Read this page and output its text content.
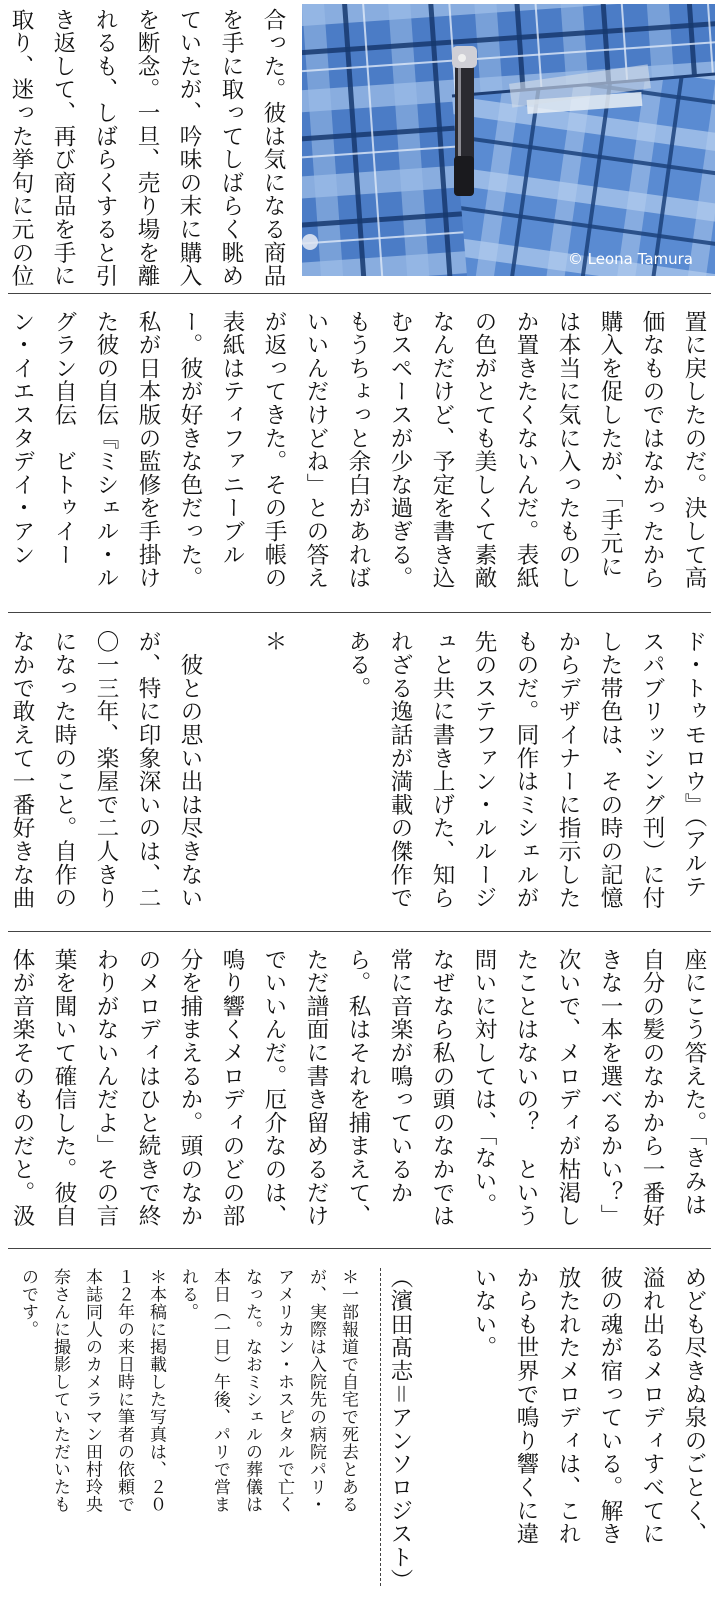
合った。彼は気になる商品
を手に取ってしばらく眺め
ていたが、吟味の末に購入
を断念。一旦、売り場を離
れるも、しばらくすると引
き返して、再び商品を手に
取り、迷った挙句に元の位	© Leona Tamura
置に戻したのだ。決して高
価なものではなかったから
購入を促したが、「手元に
は本当に気に入ったものし
か置きたくないんだ。表紙
の色がとても美しくて素敵
なんだけど、予定を書き込
むスペースが少な過ぎる。
もうちょっと余白があれば
いいんだけどね」との答え
が返ってきた。その手帳の
表紙はティファニーブル
ー。彼が好きな色だった。
私が日本版の監修を手掛け
た彼の自伝『ミシェル・ル
グラン自伝　ビトゥイー
ン・イエスタデイ・アン
ド・トゥモロウ』（アルテ
スパブリッシング刊）に付
した帯色は、その時の記憶
からデザイナーに指示した
ものだ。同作はミシェルが
先のステファン・ルルージ
ュと共に書き上げた、知ら
れざる逸話が満載の傑作で
ある。

＊

　彼との思い出は尽きない
が、特に印象深いのは、二
〇一三年、楽屋で二人きり
になった時のこと。自作の
なかで敢えて一番好きな曲

座にこう答えた。「きみは
自分の髪のなかから一番好
きな一本を選べるかい？」
次いで、メロディが枯渇し
たことはないの？　という
問いに対しては、「ない。
なぜなら私の頭のなかでは
常に音楽が鳴っているか
ら。私はそれを捕まえて、
ただ譜面に書き留めるだけ
でいいんだ。厄介なのは、
鳴り響くメロディのどの部
分を捕まえるか。頭のなか
のメロディはひと続きで終
わりがないんだよ」その言
葉を聞いて確信した。彼自
体が音楽そのものだと。汲
めども尽きぬ泉のごとく、
溢れ出るメロディすべてに
彼の魂が宿っている。解き
放たれたメロディは、これ
からも世界で鳴り響くに違
いない。

（濱田髙志＝アンソロジスト）
＊一部報道で自宅で死去とある
が、実際は入院先の病院パリ・
アメリカン・ホスピタルで亡く
なった。なおミシェルの葬儀は
本日（一日）午後、パリで営ま
れる。
＊本稿に掲載した写真は、２０
１２年の来日時に筆者の依頼で
本誌同人のカメラマン田村玲央
奈さんに撮影していただいたも
のです。
